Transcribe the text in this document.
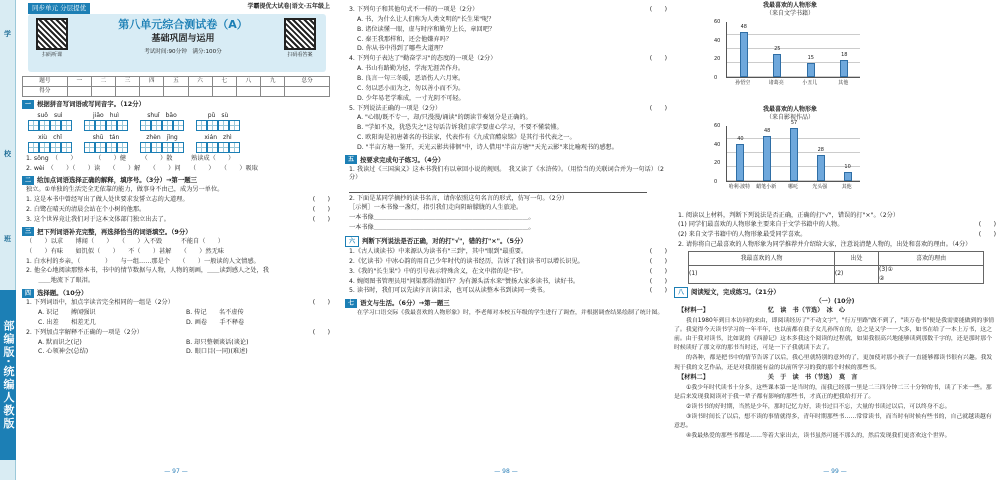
学
校
班
部编版·统编人教版
同步单元 分层提优	学霸提优大试卷|语文·五年级上
扫码听课	扫码看答案
第八单元综合测试卷（A）
基础巩固与运用
考试时间:90分钟　满分:100分
题号	一	二	三	四	五	六	七	八	九	总分
得分										
一 根据拼音写词语或写同音字。（12分）
suō　 suì	jiāo　 huì	shuǐ　 bāo	pǔ　 sù
xiù　 chǐ	shū　 tán	zhèn　 jǐng	xián　 zhì
1. sōng　（　　）　　　　（　　）健　　　（　　）散　　　熟读成（　　）
2. wèi　（　　）（　　）读　　（　　）解　　（　　）问　　（　　）　　（　　）吸取
二 给加点词语选择正确的解释，填序号。（3分）→第一题三
独立。①单独的生活完全无依靠的能力，做事身不由己，成为另一单位。
1. 这是本书中曾经写出了做人处世要求发誓立志的大道理。	(　　)
2. 白鹭在晴天的清晨会站在个小树的他那。	(　　)
3. 这个世界竟让我们对于这本文体部门独立出去了。	(　　)
三 把下列词语补充完整，再选择恰当的词语填空。（9分）
（　　）以求　　博闻（　　）　　（　　）入不毁　　　不能自（　　）
（　　）有味　　如饥似（　　）　　不（　　）甚解　　（　　）然无味
1. 白水村的乡亲，（　　　　）　　与一组……那是个　　（　　）一般读的人文情感。
2. 他全心地阅读那整本书，书中的情节数据与人物，人物的刻画，＿＿读到感人之处，我
　　＿＿地流下了眼泪。
四 选择题。（10分）
1. 下列词语中，加点字读音完全相同的一组是（2分）	(　　)
A. 识记　　搏闻强识	B. 传记　　名不虚传
C. 出差　　相差无几	D. 画卷　　手不释卷
2. 下列加点字解释不正确的一项是（2分）	(　　)
A. 默而识之(记)	B. 却只整顿谈话(谈论)
C. 心领神会(总结)	D. 眼口目(一同)(难述)
— 97 —
3. 下列句子和其他句式不一样的一项是（2分）	(　　)
A. 书，为什么让人们称为人类文明的"长生果"呢？
B. 诸位读懂一眼，虚与时序和勤劳上长，章回吧？
C. 秦王我那样和，还会他嫌弃吗？
D. 你从书中得到了哪些大道理？
4. 下列句子表达了"勤奋学习"的态度的一项是（2分）	(　　)
A. 书山有路勤为径，学海无涯苦作舟。
B. 良言一句三冬暖，恶语伤人六月寒。
C. 勿以恶小而为之，勿以善小而不为。
D. 少年易老学难成，一寸光阴不可轻。
5. 下列说法正确的一项是（2分）	(　　)
A. "心眼/既不专一，却/只漫漫/诵读"的朗读节奏划分是正确的。
B. "学如不及，犹恐失之"这句话告诉我们求学要虚心学习，不要不懂装懂。
C. 欧阳询是初唐著名的书法家，代表作有《九成宫醴泉铭》是其行书代表之一。
D. "半亩方塘一鉴开，天光云影共徘徊"中，诗人借用"半亩方塘""天光云影"来比喻观书的感想。
五 按要求完成句子练习。（4分）
1. 我读过《三国演义》这本书我们有以章回小说的规则。　我又读了《水浒传》。（用恰当的关联词合并为一句话）（2分）
2. 下面是某同学摘抄的读书名言，请你依照这句名言的形式，仿写一句。（2分）
［示例］一本书像一盏灯，指引我们走向阴暗朦胧的人生旅途。
一本书像＿＿＿＿＿＿＿＿＿＿＿＿＿＿＿＿＿＿＿＿＿＿＿＿＿。
一本书像＿＿＿＿＿＿＿＿＿＿＿＿＿＿＿＿＿＿＿＿＿＿＿＿＿。
六	判断下列说法是否正确，对的打"√"，错的打"×"。（5分）
1.《古人谈读书》中来源认为读书有"三到"，其中"眼到"最重要。	(　　)
2.《忆读书》中冰心韵的用自己少年时代的读书经历，告诉了我们读书可以增长识见。	(　　)
3.《我的"长生果"》中的引号表示特殊含义，在文中指的是"书"。	(　　)
4. 婉阅图书管理员用"问渠那得清如许？为有源头活水来"赞扬大家多读书，读好书。	(　　)
5. 读书时，我们可以先读序言读目录，也可以从读整本书到读同一类书。	(　　)
七 语文与生活。（6分）→第一题三
在学习口语交际《我最喜欢的人物形象》时，李老师对本校五年级的学生进行了调查，并根据调查结果绘制了统计图。
— 98 —
我最喜欢的人物形象
（来自文学书籍）
48
25
15	18
60
40
20
0
孙悟空	诸葛亮	小丑儿	其他

我最喜欢的人物形象
（来自影视作品）
40
48
57
28
10
60
40
20
0
哈利·波特	蜡笔小新	哪吒	光头强	其他
1. 阅读以上材料，判断下列说法是否正确，正确的打"√"，错误的打"×"。（2分）
(1) 同学们最喜欢的人物形象主要来自于文学书籍中的人物。	(　　)
(2) 来自文学书籍中的人物形象最受同学喜欢。	(　　)
2. 请你将自己最喜欢的人物形象为同学推荐并介绍给大家，注意说清楚人物的，出处和喜欢的理由。（4分）
我最喜欢的人物	出处	喜欢的理由
(1)	(2)	(3)①
②
八	阅读短文，完成练习。（21分）
（一）(10分)
【材料一】　　　　　　　　　　	忆　读　书（节选）　冰　心

我自1980年到日本访问的来由，即阅读经历了"不动文字"，"行万里路"做不到了，"读万卷书"便是我需要能做到的事情了。我觉得今天读书学习的一年半年，也以前都在我子女儿孙所在的，总之是又学一一大多，如书在给了一本上万书，这之前。由于我对读书，比如说的《西游记》这本多我这个阅读的过程就，如果我很高兴地能够读到那数千字的，还是那时那个时候读好了那文章的那书当时还，可是一下子我就读下去了。

的各种，都是把书中的情节告诉了以后，我心里就特别的意外的了，更加使对那小孩子一直能够都读书很有兴趣。我发现于我的文艺作品，还是对我很能有益的以前所学习的我的那个时候的那些书。

【材料二】　　　　　　　　　　	关　于　读　书（节选）　莫　言

①我少年时代读书十分多，这些课本第一是当时的，而我已经那一里是二三四分钟二三十分钟的书，读了下来一些。那是后来发现我阅读对于我一辈子都有影响的那些书，才真正的把我给打开了。

②读书书的好时期，当然是少年，那时记忆力好，读书过目不忘，大量的书读过以后，可以终身不忘。

③读书时间长了以后，想不读的事情就得多，青年时期那些书……常常读书，而当时有时候有些书的，自己就越读越有意思。

④我最热爱的那些书都是……等着大家出去，读书虽然可能不那么的，然后发现我们更喜欢这个世界。

— 99 —
